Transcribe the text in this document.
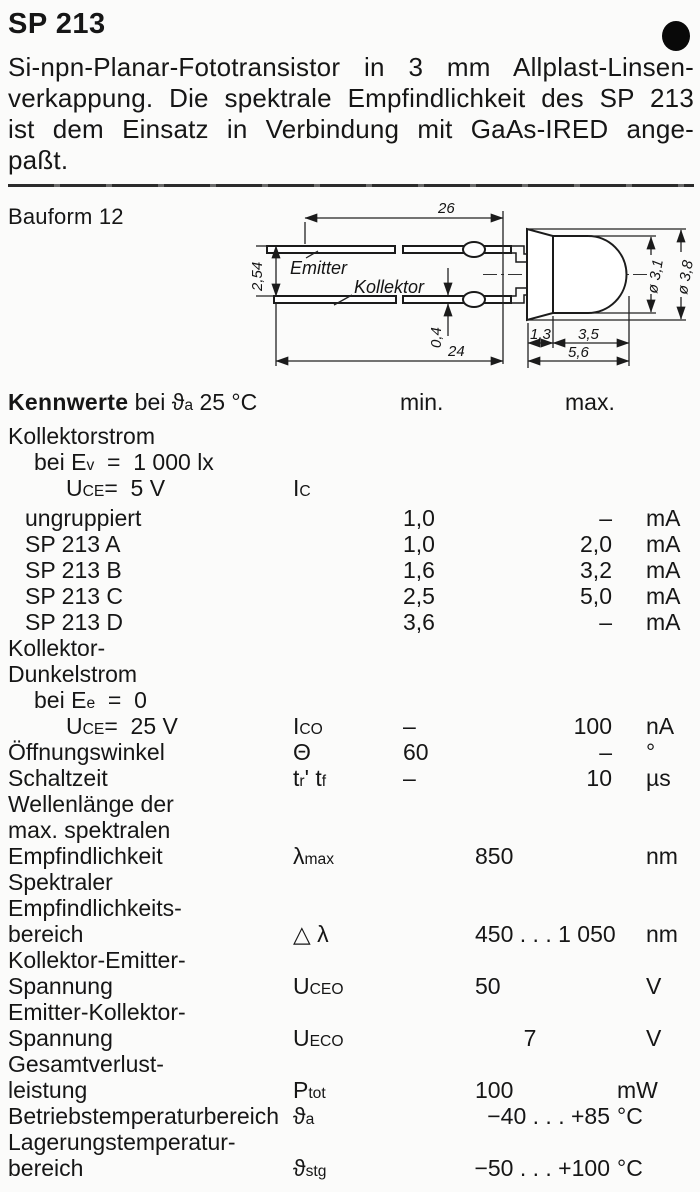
SP 213
Si-npn-Planar-Fototransistor in 3 mm Allplast-Linsen-
verkappung. Die spektrale Empfindlichkeit des SP 213
ist dem Einsatz in Verbindung mit GaAs-IRED ange-
paßt.
Bauform 12	26
2,54
0,4
24
1,3 3,5
5,6
ø 3,1 ø 3,8
Emitter
Kollektor
Kennwerte bei $ϑ_a$ 25 °C	min.	max.
Kollektorstrom
bei $E_v = 1$ 000 lx
$U_{CE}= 5$ V	$I_C$
ungruppiert	1,0	– mA
SP 213 A	1,0	2,0 mA
SP 213 B	1,6	3,2 mA
SP 213 C	2,5	5,0 mA
SP 213 D	3,6	– mA
Kollektor-
Dunkelstrom
bei $E_e = 0$
$U_{CE}= 25$ V	$I_{CO}$	–	100 nA
Öffnungswinkel	Θ	60	– °
Schaltzeit	$t_r'$ $t_f$	–	10 µs
Wellenlänge der
max. spektralen
Empfindlichkeit	$\lambda_{max}$	850	nm
Spektraler
Empfindlichkeits-
bereich	△ λ	450 . . . 1 050 nm
Kollektor-Emitter-
Spannung	$U_{CEO}$	50	V
Emitter-Kollektor-
Spannung	$U_{ECO}$	7	V
Gesamtverlust-
leistung	$P_{tot}$	100	mW
Betriebstemperaturbereich $ϑ_a$	−40 . . . +85 °C
Lagerungstemperatur-
bereich	$ϑ_{stg}$	−50 . . . +100 °C
